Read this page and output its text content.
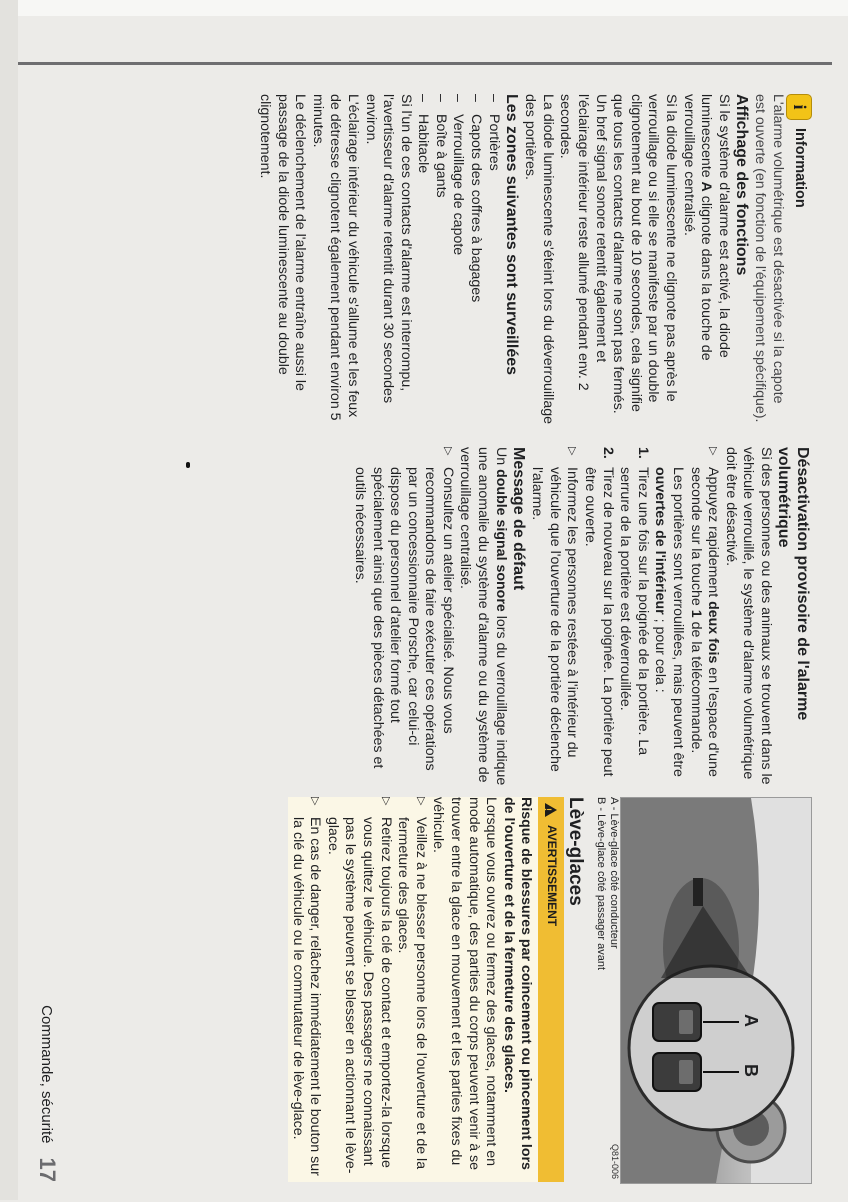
i
Information

L'alarme volumétrique est désactivée si la capote est ouverte (en fonction de l'équipement spécifique).

Affichage des fonctions

Si le système d'alarme est activé, la diode luminescente A clignote dans la touche de verrouillage centralisé.

Si la diode luminescente ne clignote pas après le verrouillage ou si elle se manifeste par un double clignotement au bout de 10 secondes, cela signifie que tous les contacts d'alarme ne sont pas fermés.

Un bref signal sonore retentit également et l'éclairage intérieur reste allumé pendant env. 2 secondes.

La diode luminescente s'éteint lors du déverrouillage des portières.

Les zones suivantes sont surveillées
–
Portières
–
Capots des coffres à bagages
–
Verrouillage de capote
–
Boîte à gants
–
Habitacle

Si l'un de ces contacts d'alarme est interrompu, l'avertisseur d'alarme retentit durant 30 secondes environ.

L'éclairage intérieur du véhicule s'allume et les feux de détresse clignotent également pendant environ 5 minutes.

Le déclenchement de l'alarme entraîne aussi le passage de la diode luminescente au double clignotement.

Désactivation provisoire de l'alarme volumétrique

Si des personnes ou des animaux se trouvent dans le véhicule verrouillé, le système d'alarme volumétrique doit être désactivé.

▷
Appuyez rapidement deux fois en l'espace d'une seconde sur la touche 1 de la télécommande.

Les portières sont verrouillées, mais peuvent être ouvertes de l'intérieur ; pour cela :

1.
Tirez une fois sur la poignée de la portière. La serrure de la portière est déverrouillée.
2.
Tirez de nouveau sur la poignée. La portière peut être ouverte.
▷
Informez les personnes restées à l'intérieur du véhicule que l'ouverture de la portière déclenche l'alarme.
Message de défaut

Un double signal sonore lors du verrouillage indique une anomalie du système d'alarme ou du système de verrouillage centralisé.

▷
Consultez un atelier spécialisé. Nous vous recommandons de faire exécuter ces opérations par un concessionnaire Porsche, car celui-ci dispose du personnel d'atelier formé tout spécialement ainsi que des pièces détachées et outils nécessaires.
A
B
Q81-006
A - Lève-glace côté conducteur
B - Lève-glace côté passager avant
Lève-glaces
!
AVERTISSEMENT

Risque de blessures par coincement ou pincement lors de l'ouverture et de la fermeture des glaces.

Lorsque vous ouvrez ou fermez des glaces, notamment en mode automatique, des parties du corps peuvent venir à se trouver entre la glace en mouvement et les parties fixes du véhicule.

▷
Veillez à ne blesser personne lors de l'ouverture et de la fermeture des glaces.
▷
Retirez toujours la clé de contact et emportez-la lorsque vous quittez le véhicule. Des passagers ne connaissant pas le système peuvent se blesser en actionnant le lève-glace.
▷
En cas de danger, relâchez immédiatement le bouton sur la clé du véhicule ou le commutateur de lève-glace.
Commande, sécurité17
